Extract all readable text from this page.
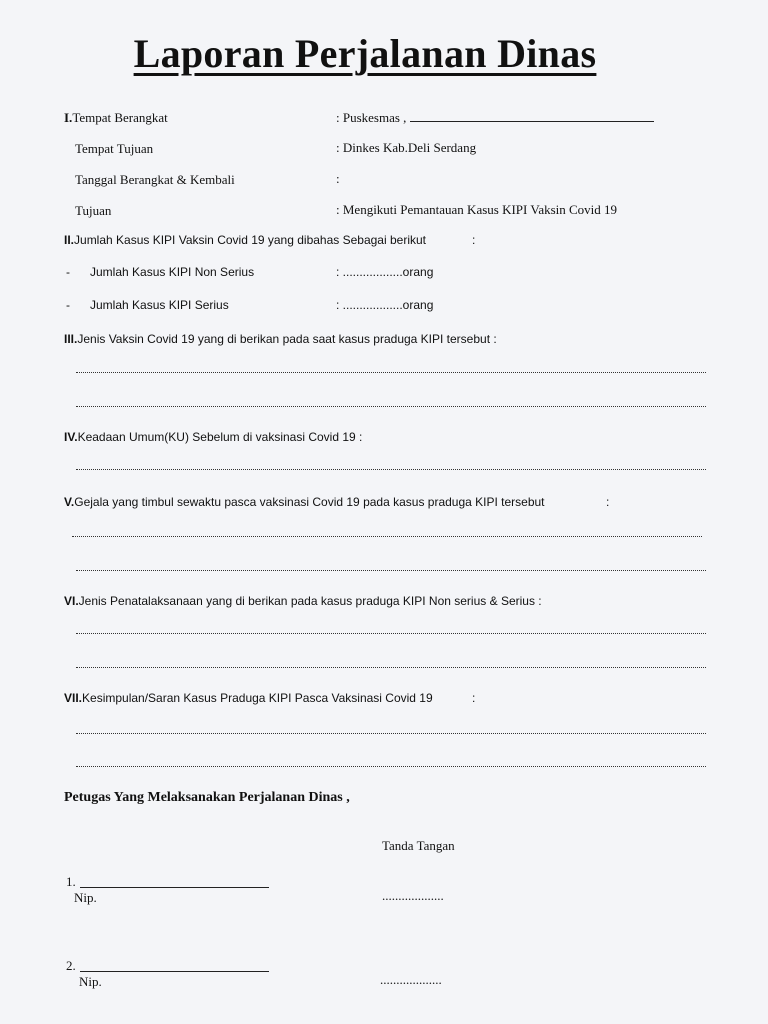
Laporan Perjalanan Dinas
I.Tempat Berangkat	: Puskesmas ,
Tempat Tujuan	: Dinkes Kab.Deli Serdang
Tanggal Berangkat & Kembali	:
Tujuan	: Mengikuti Pemantauan Kasus KIPI Vaksin Covid 19
II.Jumlah Kasus KIPI Vaksin Covid 19 yang dibahas Sebagai berikut	:
- Jumlah Kasus KIPI Non Serius	: ..................orang
- Jumlah Kasus KIPI Serius	: ..................orang
III.Jenis Vaksin Covid 19 yang di berikan pada saat kasus praduga KIPI tersebut :
IV.Keadaan Umum(KU) Sebelum di vaksinasi Covid 19 :
V.Gejala yang timbul sewaktu pasca vaksinasi Covid 19 pada kasus praduga KIPI tersebut	:
VI.Jenis Penatalaksanaan yang di berikan pada kasus praduga KIPI Non serius & Serius :
VII.Kesimpulan/Saran Kasus Praduga KIPI Pasca Vaksinasi Covid 19	:
Petugas Yang Melaksanakan Perjalanan Dinas ,
Tanda Tangan
1.
Nip.	...................
2.
Nip.	...................
